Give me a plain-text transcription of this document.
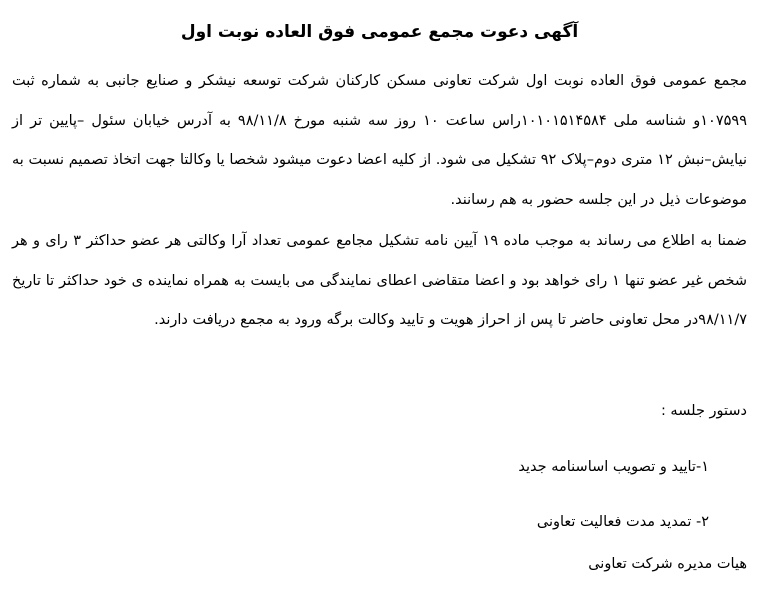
آگهی دعوت مجمع عمومی فوق العاده نوبت اول
مجمع عمومی فوق العاده نوبت اول شرکت تعاونی مسکن کارکنان شرکت توسعه نیشکر و صنایع جانبی به شماره ثبت ۱۰۷۵۹۹و شناسه ملی ۱۰۱۰۱۵۱۴۵۸۴راس ساعت ۱۰ روز سه شنبه مورخ ۹۸/۱۱/۸ به آدرس خیابان سئول –پایین تر از نیایش–نبش ۱۲ متری دوم–پلاک ۹۲ تشکیل می شود. از کلیه اعضا دعوت میشود شخصا یا وکالتا جهت اتخاذ تصمیم نسبت به موضوعات ذیل در این جلسه حضور به هم رسانند.
ضمنا به اطلاع می رساند به موجب ماده ۱۹ آیین نامه تشکیل مجامع عمومی تعداد آرا وکالتی هر عضو حداکثر ۳ رای و هر شخص غیر عضو تنها ۱ رای خواهد بود و اعضا متقاضی اعطای نمایندگی می بایست به همراه نماینده ی خود حداکثر تا تاریخ ۹۸/۱۱/۷در محل تعاونی حاضر تا پس از احراز هویت و تایید وکالت برگه ورود به مجمع دریافت دارند.
دستور جلسه :
۱-تایید و تصویب اساسنامه جدید
۲- تمدید مدت فعالیت تعاونی
هیات مدیره شرکت تعاونی
